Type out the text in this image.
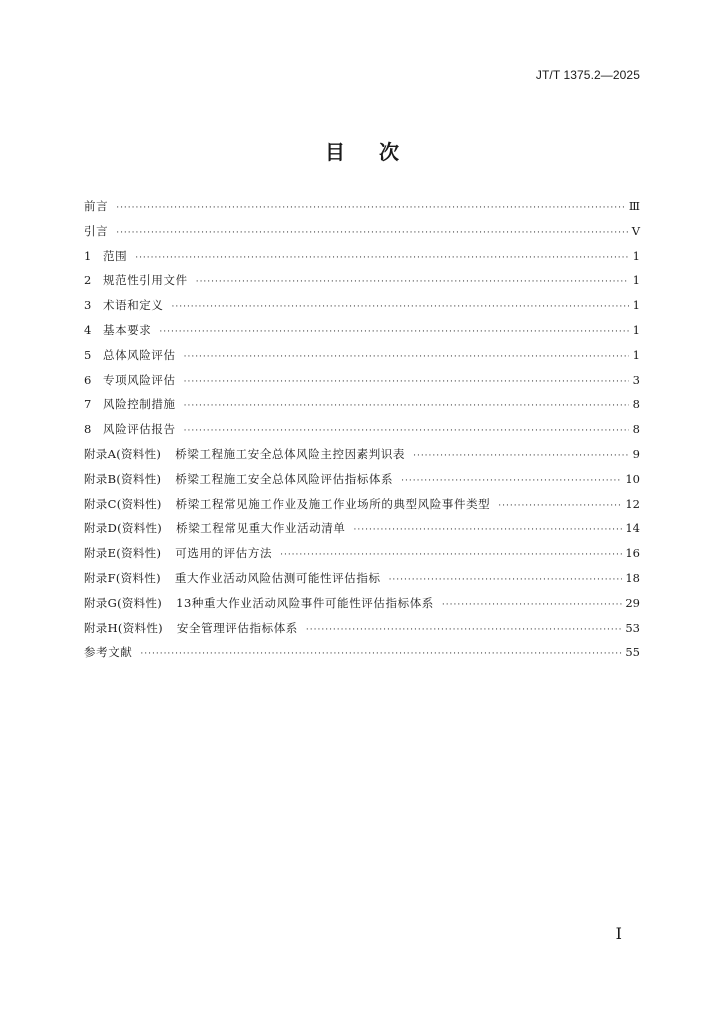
JT/T 1375.2—2025
目 次
前言 ·····	Ⅲ
引言 ·····	Ⅴ
1	范围 ·····	1
2	规范性引用文件 ·····	1
3	术语和定义 ·····	1
4	基本要求 ·····	1
5	总体风险评估 ·····	1
6	专项风险评估 ·····	3
7	风险控制措施 ·····	8
8	风险评估报告 ·····	8
附录A(资料性) 桥梁工程施工安全总体风险主控因素判识表 ·····	9
附录B(资料性) 桥梁工程施工安全总体风险评估指标体系 ·····	10
附录C(资料性) 桥梁工程常见施工作业及施工作业场所的典型风险事件类型 ·····	12
附录D(资料性) 桥梁工程常见重大作业活动清单 ·····	14
附录E(资料性) 可选用的评估方法 ·····	16
附录F(资料性) 重大作业活动风险估测可能性评估指标 ·····	18
附录G(资料性) 13种重大作业活动风险事件可能性评估指标体系 ·····	29
附录H(资料性) 安全管理评估指标体系 ·····	53
参考文献 ·····	55
Ⅰ
